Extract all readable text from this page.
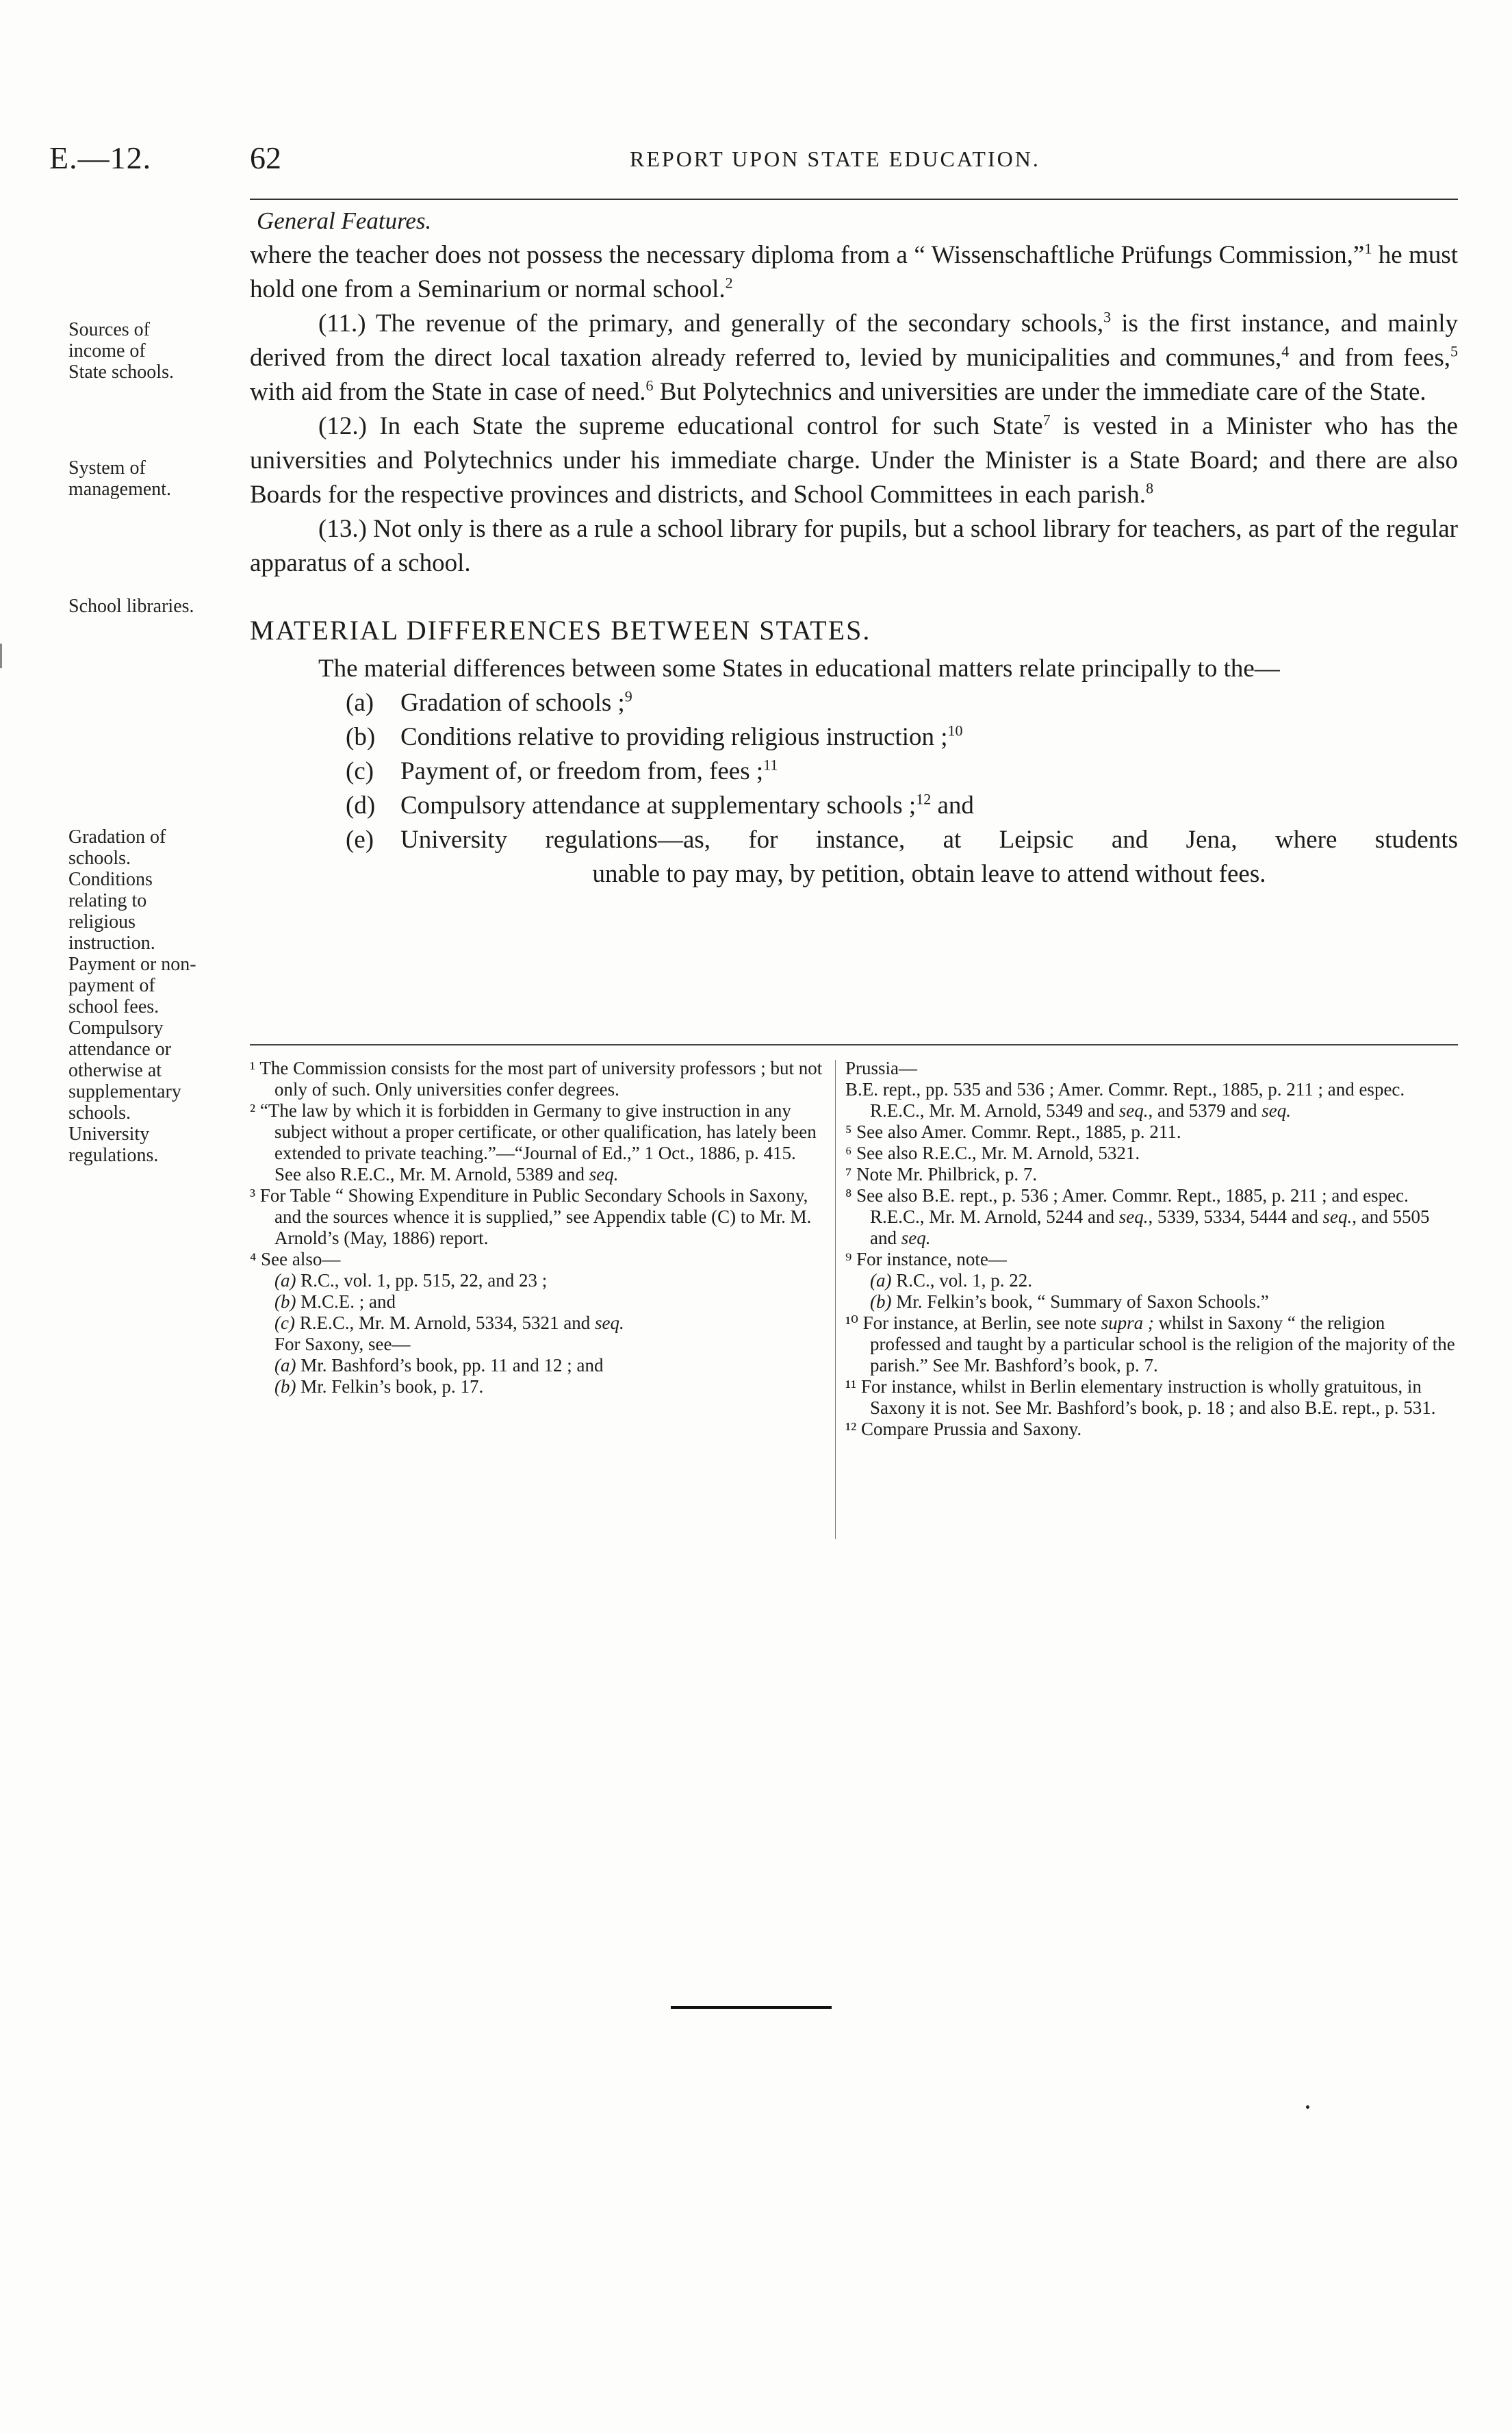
E.—12.	62	REPORT UPON STATE EDUCATION.

General Features.

where the teacher does not possess the necessary diploma from a “ Wissenschaftliche Prüfungs Commission,”$^1$ he must hold one from a Seminarium or normal school.$^2$

(11.) The revenue of the primary, and generally of the secondary schools,$^3$ is the first instance, and mainly derived from the direct local taxation already referred to, levied by municipalities and communes,$^4$ and from fees,$^5$ with aid from the State in case of need.$^6$ But Polytechnics and universities are under the immediate care of the State.

(12.) In each State the supreme educational control for such State$^7$ is vested in a Minister who has the universities and Polytechnics under his immediate charge. Under the Minister is a State Board; and there are also Boards for the respective provinces and districts, and School Committees in each parish.$^8$

(13.) Not only is there as a rule a school library for pupils, but a school library for teachers, as part of the regular apparatus of a school.

MATERIAL DIFFERENCES BETWEEN STATES.

The material differences between some States in educational matters relate principally to the—

(a)	Gradation of schools ;$^9$
(b) Conditions relative to providing religious instruction ;$^{10}$
(c)	Payment of, or freedom from, fees ;$^{11}$
(d) Compulsory attendance at supplementary schools ;$^{12}$ and
(e)	University regulations—as, for instance, at Leipsic and Jena, where students
unable to pay may, by petition, obtain leave to attend without fees.
Sources of
income of
State schools.
System of
management.
School libraries.
Gradation of
schools.
Conditions
relating to
religious
instruction.
Payment or non-
payment of
school fees.
Compulsory
attendance or
otherwise at
supplementary
schools.
University
regulations.
¹ The Commission consists for the most part of university professors ; but not only of such. Only universities confer degrees.
² “The law by which it is forbidden in Germany to give instruction in any subject without a proper certificate, or other qualification, has lately been extended to private teaching.”—“Journal of Ed.,” 1 Oct., 1886, p. 415.
See also R.E.C., Mr. M. Arnold, 5389 and seq.
³ For Table “ Showing Expenditure in Public Secondary Schools in Saxony, and the sources whence it is supplied,” see Appendix table (C) to Mr. M. Arnold’s (May, 1886) report.
⁴ See also—
(a) R.C., vol. 1, pp. 515, 22, and 23 ;
(b) M.C.E. ; and
(c) R.E.C., Mr. M. Arnold, 5334, 5321 and seq.
For Saxony, see—
(a) Mr. Bashford’s book, pp. 11 and 12 ; and
(b) Mr. Felkin’s book, p. 17.
Prussia—
B.E. rept., pp. 535 and 536 ; Amer. Commr. Rept., 1885, p. 211 ; and espec. R.E.C., Mr. M. Arnold, 5349 and seq., and 5379 and seq.
⁵ See also Amer. Commr. Rept., 1885, p. 211.
⁶ See also R.E.C., Mr. M. Arnold, 5321.
⁷ Note Mr. Philbrick, p. 7.
⁸ See also B.E. rept., p. 536 ; Amer. Commr. Rept., 1885, p. 211 ; and espec. R.E.C., Mr. M. Arnold, 5244 and seq., 5339, 5334, 5444 and seq., and 5505 and seq.
⁹ For instance, note—
(a) R.C., vol. 1, p. 22.
(b) Mr. Felkin’s book, “ Summary of Saxon Schools.”
¹⁰ For instance, at Berlin, see note supra ; whilst in Saxony “ the religion professed and taught by a particular school is the religion of the majority of the parish.” See Mr. Bashford’s book, p. 7.
¹¹ For instance, whilst in Berlin elementary instruction is wholly gratuitous, in Saxony it is not. See Mr. Bashford’s book, p. 18 ; and also B.E. rept., p. 531.
¹² Compare Prussia and Saxony.
